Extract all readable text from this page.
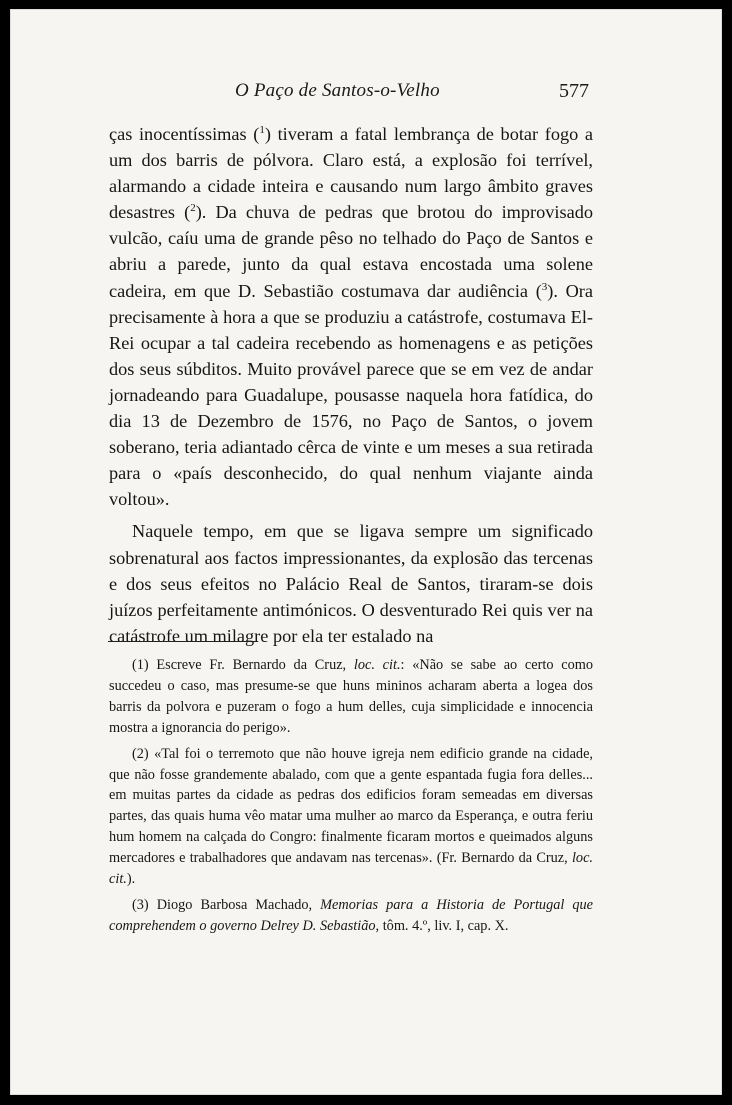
O Paço de Santos-o-Velho	577

ças inocentíssimas ($^1$) tiveram a fatal lembrança de botar fogo a um dos barris de pólvora. Claro está, a explosão foi terrível, alarmando a cidade inteira e causando num largo âmbito graves desastres ($^2$). Da chuva de pedras que brotou do improvisado vulcão, caíu uma de grande pêso no telhado do Paço de Santos e abriu a parede, junto da qual estava encostada uma solene cadeira, em que D. Sebastião costumava dar audiência ($^3$). Ora precisamente à hora a que se produziu a catástrofe, costumava El-Rei ocupar a tal cadeira recebendo as homenagens e as petições dos seus súbditos. Muito provável parece que se em vez de andar jornadeando para Guadalupe, pousasse naquela hora fatídica, do dia 13 de Dezembro de 1576, no Paço de Santos, o jovem soberano, teria adiantado cêrca de vinte e um meses a sua retirada para o «país desconhecido, do qual nenhum viajante ainda voltou».

Naquele tempo, em que se ligava sempre um significado sobrenatural aos factos impressionantes, da explosão das tercenas e dos seus efeitos no Palácio Real de Santos, tiraram-se dois juízos perfeitamente antimónicos. O desventurado Rei quis ver na catástrofe um milagre por ela ter estalado na

(1) Escreve Fr. Bernardo da Cruz, loc. cit.: «Não se sabe ao certo como succedeu o caso, mas presume-se que huns mininos acharam aberta a logea dos barris da polvora e puzeram o fogo a hum delles, cuja simplicidade e innocencia mostra a ignorancia do perigo».

(2) «Tal foi o terremoto que não houve igreja nem edificio grande na cidade, que não fosse grandemente abalado, com que a gente espantada fugia fora delles... em muitas partes da cidade as pedras dos edificios foram semeadas em diversas partes, das quais huma vêo matar uma mulher ao marco da Esperança, e outra feriu hum homem na calçada do Congro: finalmente ficaram mortos e queimados alguns mercadores e trabalhadores que andavam nas tercenas». (Fr. Bernardo da Cruz, loc. cit.).

(3) Diogo Barbosa Machado, Memorias para a Historia de Portugal que comprehendem o governo Delrey D. Sebastião, tôm. 4.º, liv. I, cap. X.
